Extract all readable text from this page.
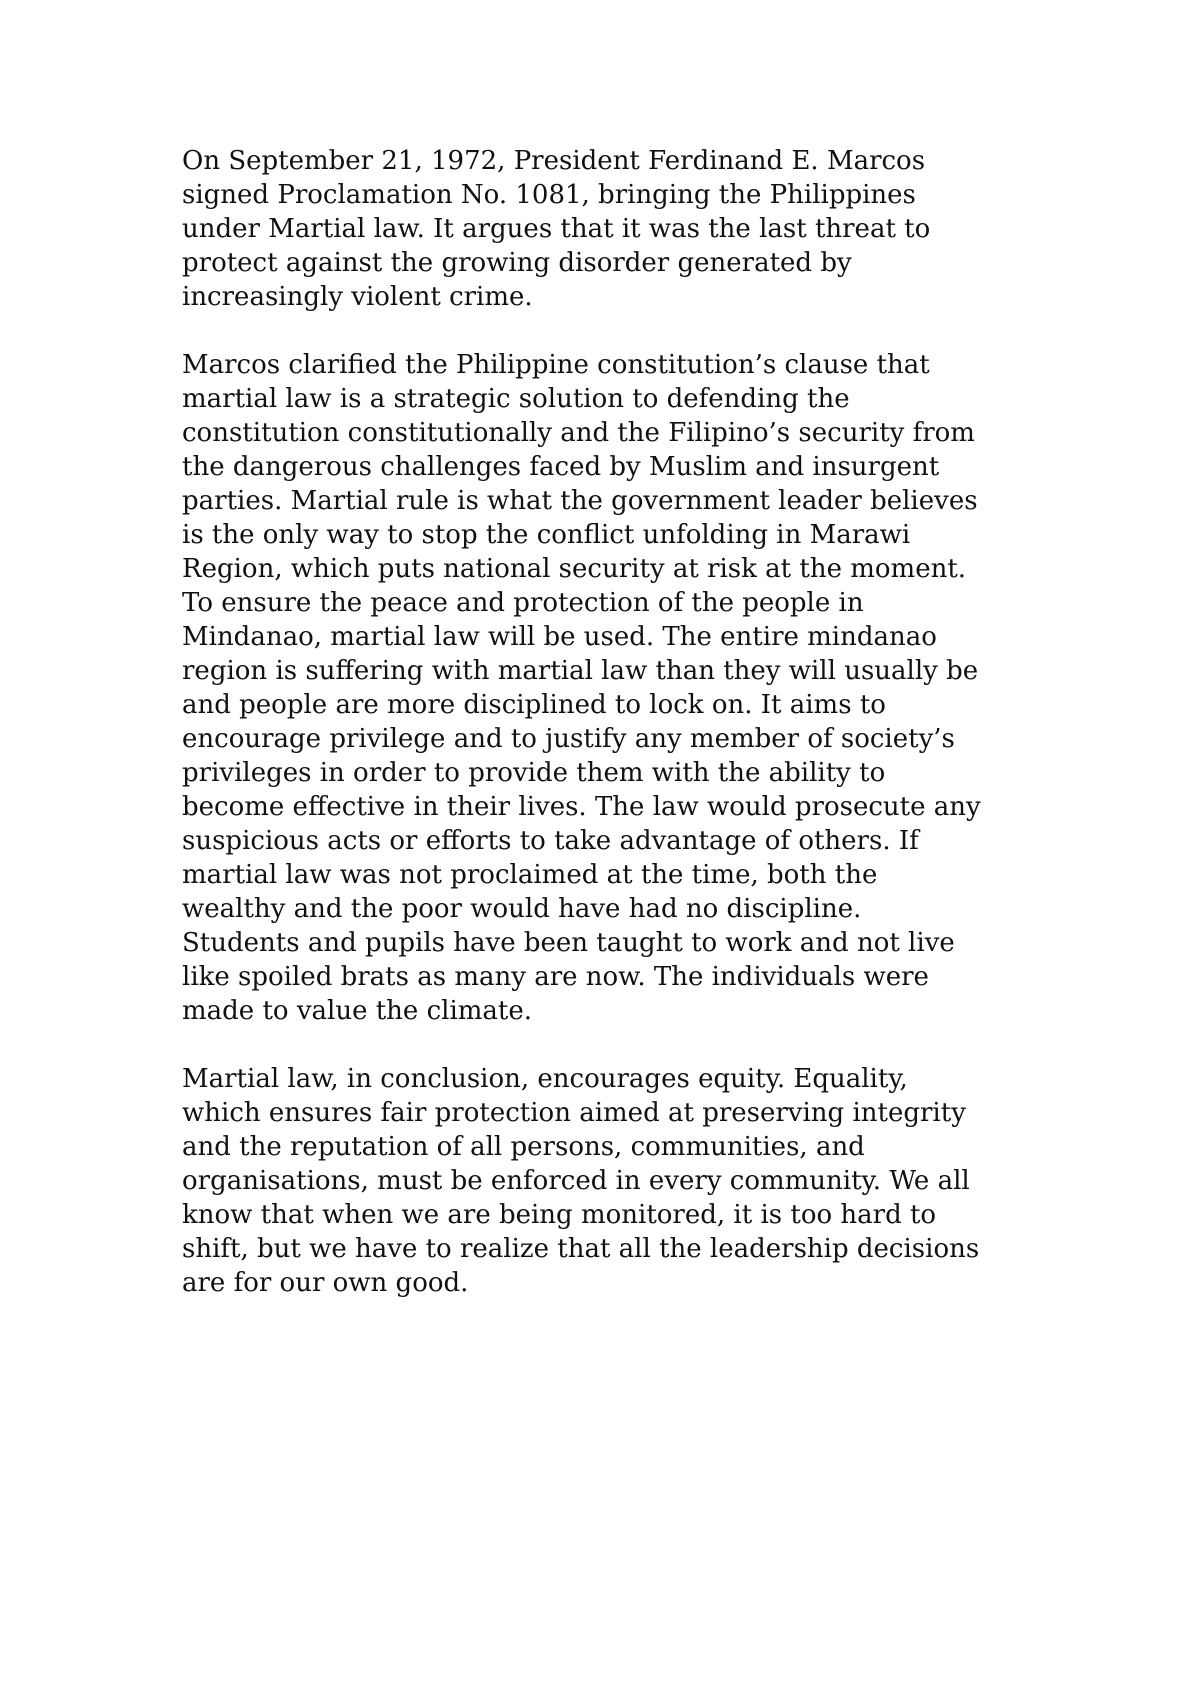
On September 21, 1972, President Ferdinand E. Marcos
signed Proclamation No. 1081, bringing the Philippines
under Martial law. It argues that it was the last threat to
protect against the growing disorder generated by
increasingly violent crime.
Marcos clarified the Philippine constitution’s clause that
martial law is a strategic solution to defending the
constitution constitutionally and the Filipino’s security from
the dangerous challenges faced by Muslim and insurgent
parties. Martial rule is what the government leader believes
is the only way to stop the conflict unfolding in Marawi
Region, which puts national security at risk at the moment.
To ensure the peace and protection of the people in
Mindanao, martial law will be used. The entire mindanao
region is suffering with martial law than they will usually be
and people are more disciplined to lock on. It aims to
encourage privilege and to justify any member of society’s
privileges in order to provide them with the ability to
become effective in their lives. The law would prosecute any
suspicious acts or efforts to take advantage of others. If
martial law was not proclaimed at the time, both the
wealthy and the poor would have had no discipline.
Students and pupils have been taught to work and not live
like spoiled brats as many are now. The individuals were
made to value the climate.
Martial law, in conclusion, encourages equity. Equality,
which ensures fair protection aimed at preserving integrity
and the reputation of all persons, communities, and
organisations, must be enforced in every community. We all
know that when we are being monitored, it is too hard to
shift, but we have to realize that all the leadership decisions
are for our own good.
